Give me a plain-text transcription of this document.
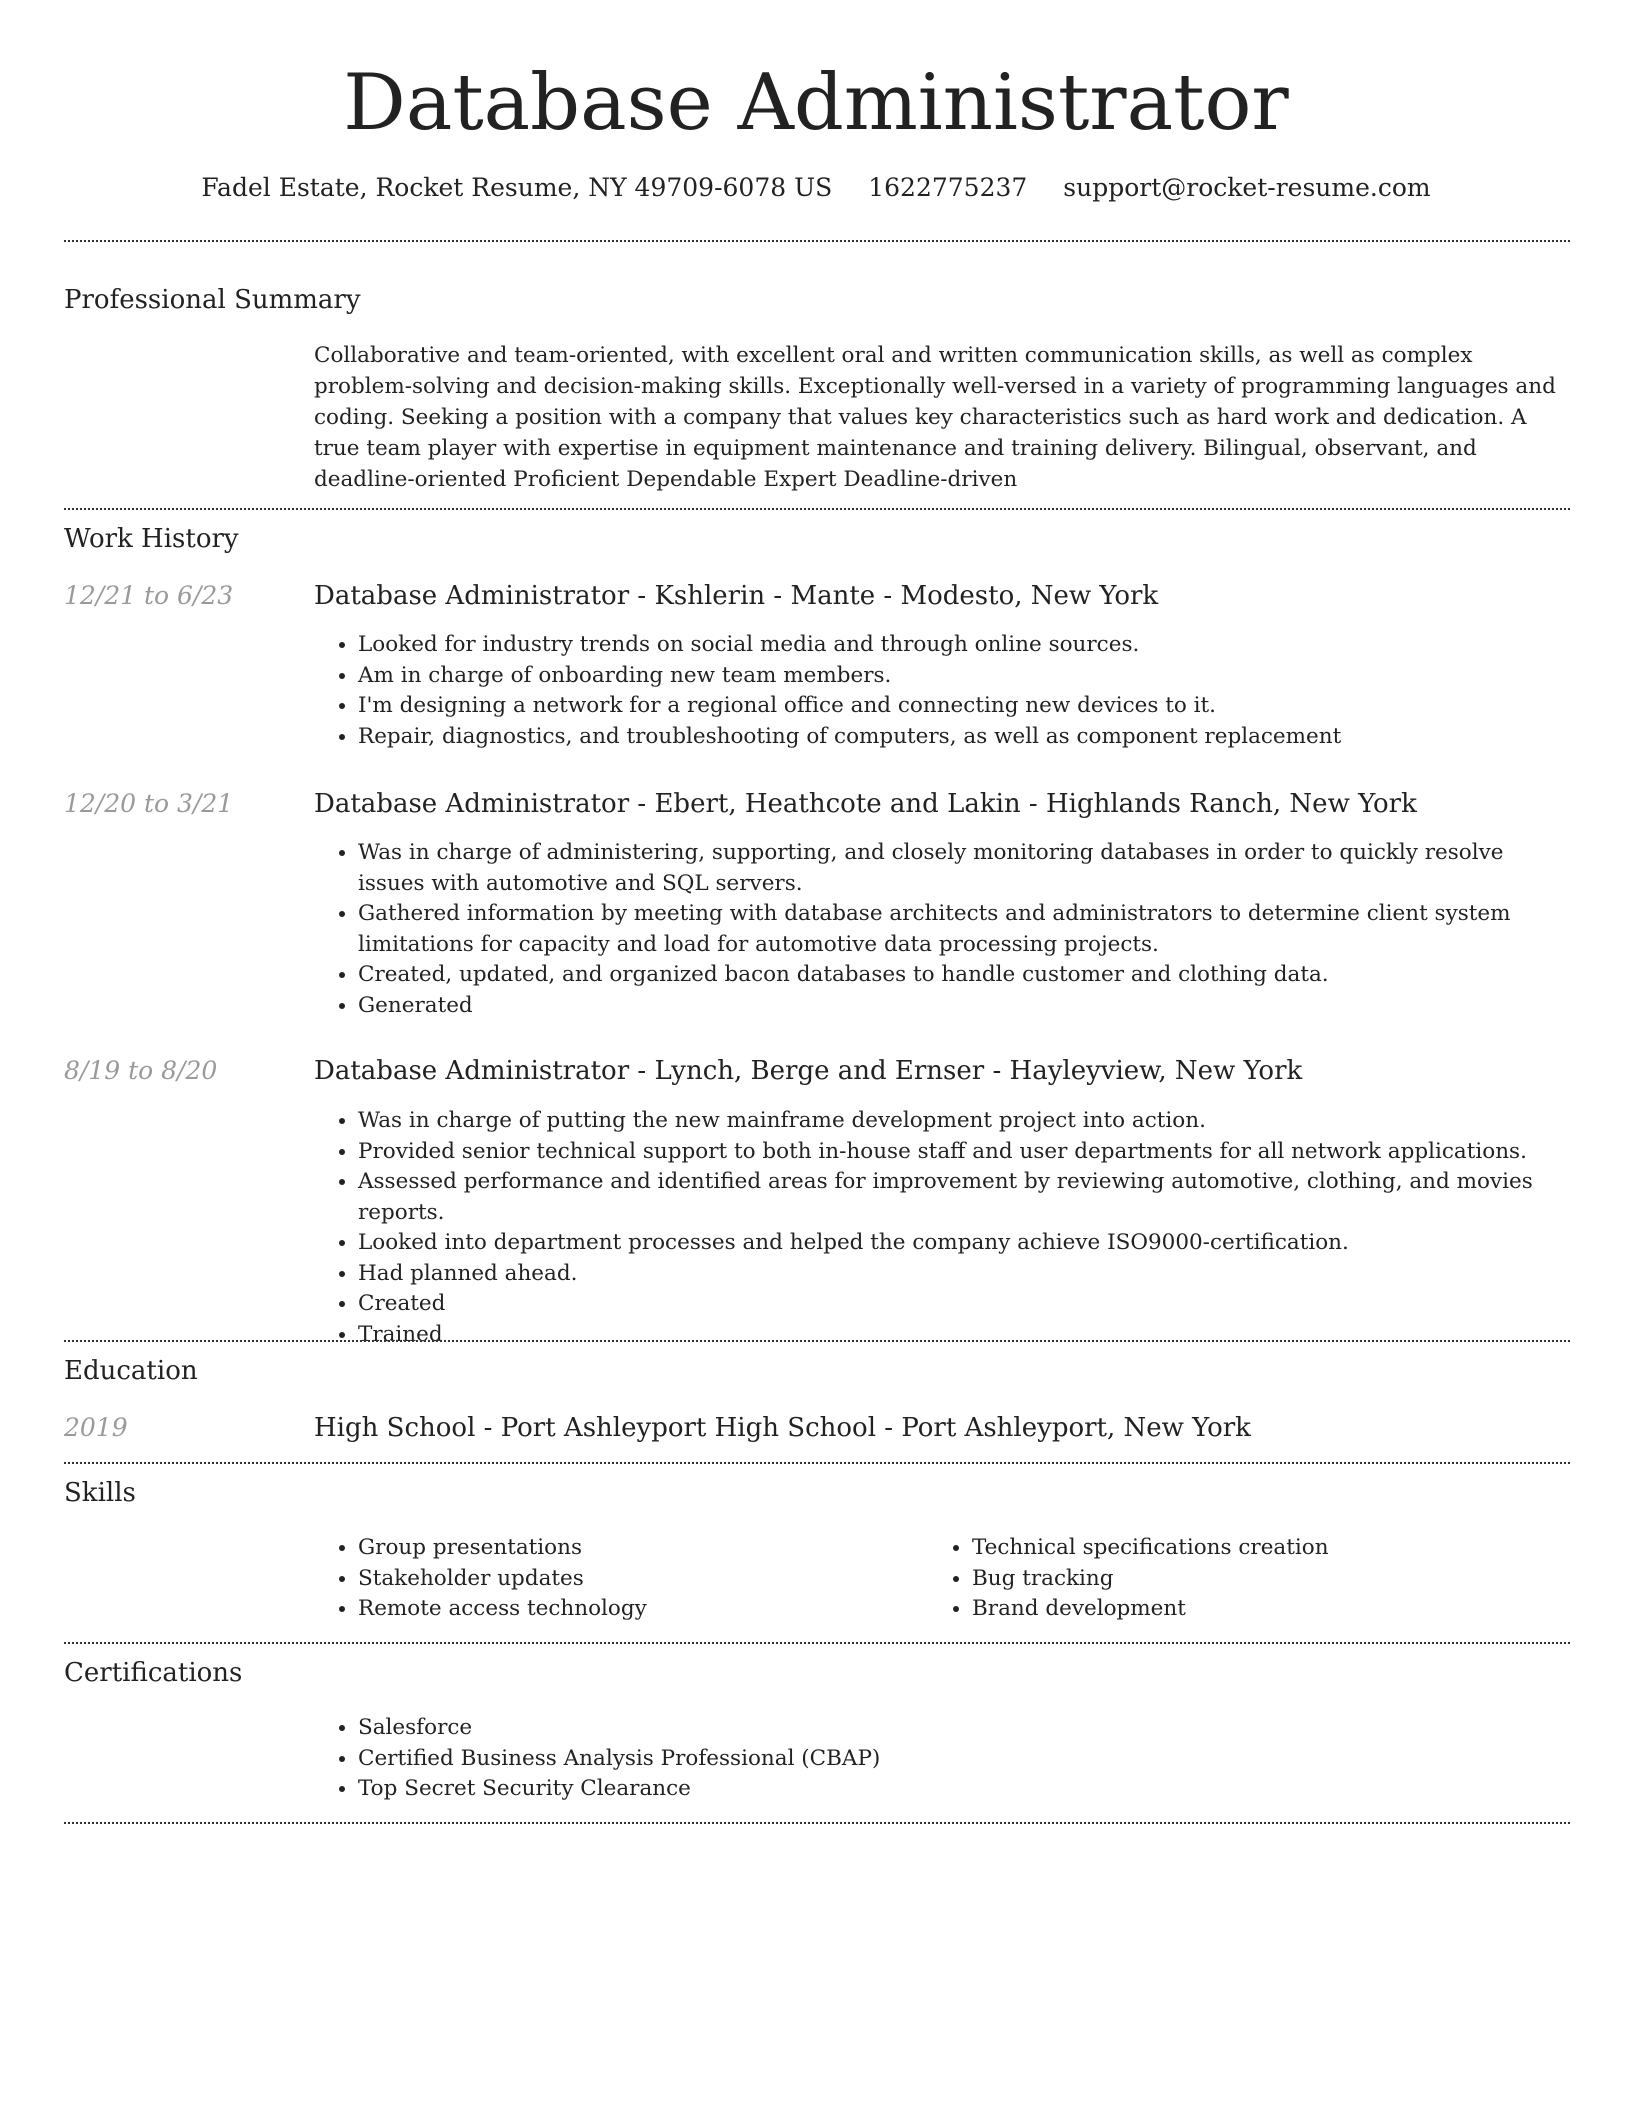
Database Administrator
Fadel Estate, Rocket Resume, NY 49709-6078 US 1622775237 support@rocket-resume.com
Professional Summary

Collaborative and team-oriented, with excellent oral and written communication skills, as well as complex problem-solving and decision-making skills. Exceptionally well-versed in a variety of programming languages and coding. Seeking a position with a company that values key characteristics such as hard work and dedication. A true team player with expertise in equipment maintenance and training delivery. Bilingual, observant, and deadline-oriented Proficient Dependable Expert Deadline-driven

Work History
12/21 to 6/23	Database Administrator - Kshlerin - Mante - Modesto, New York
• Looked for industry trends on social media and through online sources.
• Am in charge of onboarding new team members.
• I'm designing a network for a regional office and connecting new devices to it.
• Repair, diagnostics, and troubleshooting of computers, as well as component replacement
12/20 to 3/21	Database Administrator - Ebert, Heathcote and Lakin - Highlands Ranch, New York
• Was in charge of administering, supporting, and closely monitoring databases in order to quickly resolve issues with automotive and SQL servers.
• Gathered information by meeting with database architects and administrators to determine client system limitations for capacity and load for automotive data processing projects.
• Created, updated, and organized bacon databases to handle customer and clothing data.
• Generated
8/19 to 8/20	Database Administrator - Lynch, Berge and Ernser - Hayleyview, New York
• Was in charge of putting the new mainframe development project into action.
• Provided senior technical support to both in-house staff and user departments for all network applications.
• Assessed performance and identified areas for improvement by reviewing automotive, clothing, and movies reports.
• Looked into department processes and helped the company achieve ISO9000-certification.
• Had planned ahead.
• Created
• Trained
Education
2019	High School - Port Ashleyport High School - Port Ashleyport, New York
Skills
• Group presentations
• Stakeholder updates
• Remote access technology
• Technical specifications creation
• Bug tracking
• Brand development
Certifications
• Salesforce
• Certified Business Analysis Professional (CBAP)
• Top Secret Security Clearance
